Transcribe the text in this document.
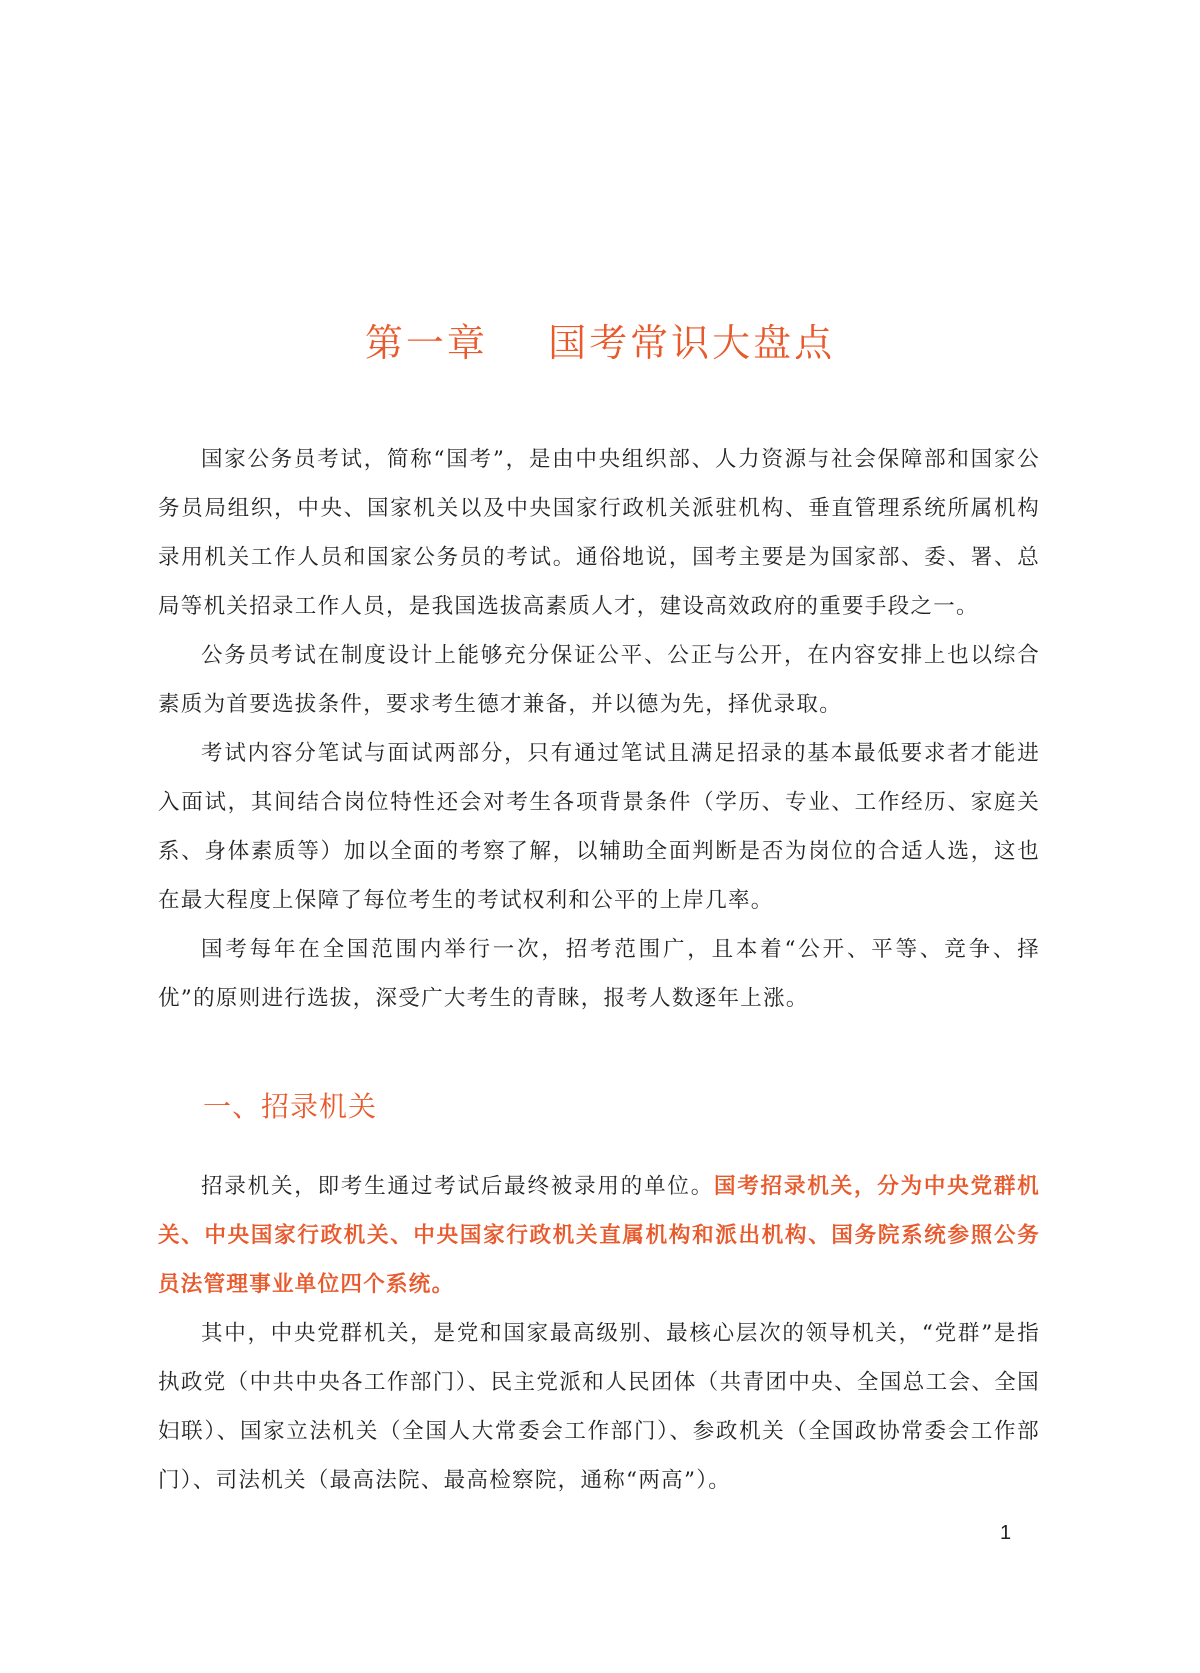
第一章    国考常识大盘点

国家公务员考试，简称“国考”，是由中央组织部、人力资源与社会保障部和国家公务员局组织，中央、国家机关以及中央国家行政机关派驻机构、垂直管理系统所属机构录用机关工作人员和国家公务员的考试。通俗地说，国考主要是为国家部、委、署、总局等机关招录工作人员，是我国选拔高素质人才，建设高效政府的重要手段之一。

公务员考试在制度设计上能够充分保证公平、公正与公开，在内容安排上也以综合素质为首要选拔条件，要求考生德才兼备，并以德为先，择优录取。

考试内容分笔试与面试两部分，只有通过笔试且满足招录的基本最低要求者才能进入面试，其间结合岗位特性还会对考生各项背景条件（学历、专业、工作经历、家庭关系、身体素质等）加以全面的考察了解，以辅助全面判断是否为岗位的合适人选，这也在最大程度上保障了每位考生的考试权利和公平的上岸几率。

国考每年在全国范围内举行一次，招考范围广，且本着“公开、平等、竞争、择优”的原则进行选拔，深受广大考生的青睐，报考人数逐年上涨。

一、招录机关

招录机关，即考生通过考试后最终被录用的单位。国考招录机关，分为中央党群机关、中央国家行政机关、中央国家行政机关直属机构和派出机构、国务院系统参照公务员法管理事业单位四个系统。

其中，中央党群机关，是党和国家最高级别、最核心层次的领导机关，“党群”是指执政党（中共中央各工作部门）、民主党派和人民团体（共青团中央、全国总工会、全国妇联）、国家立法机关（全国人大常委会工作部门）、参政机关（全国政协常委会工作部门）、司法机关（最高法院、最高检察院，通称“两高”）。

1
